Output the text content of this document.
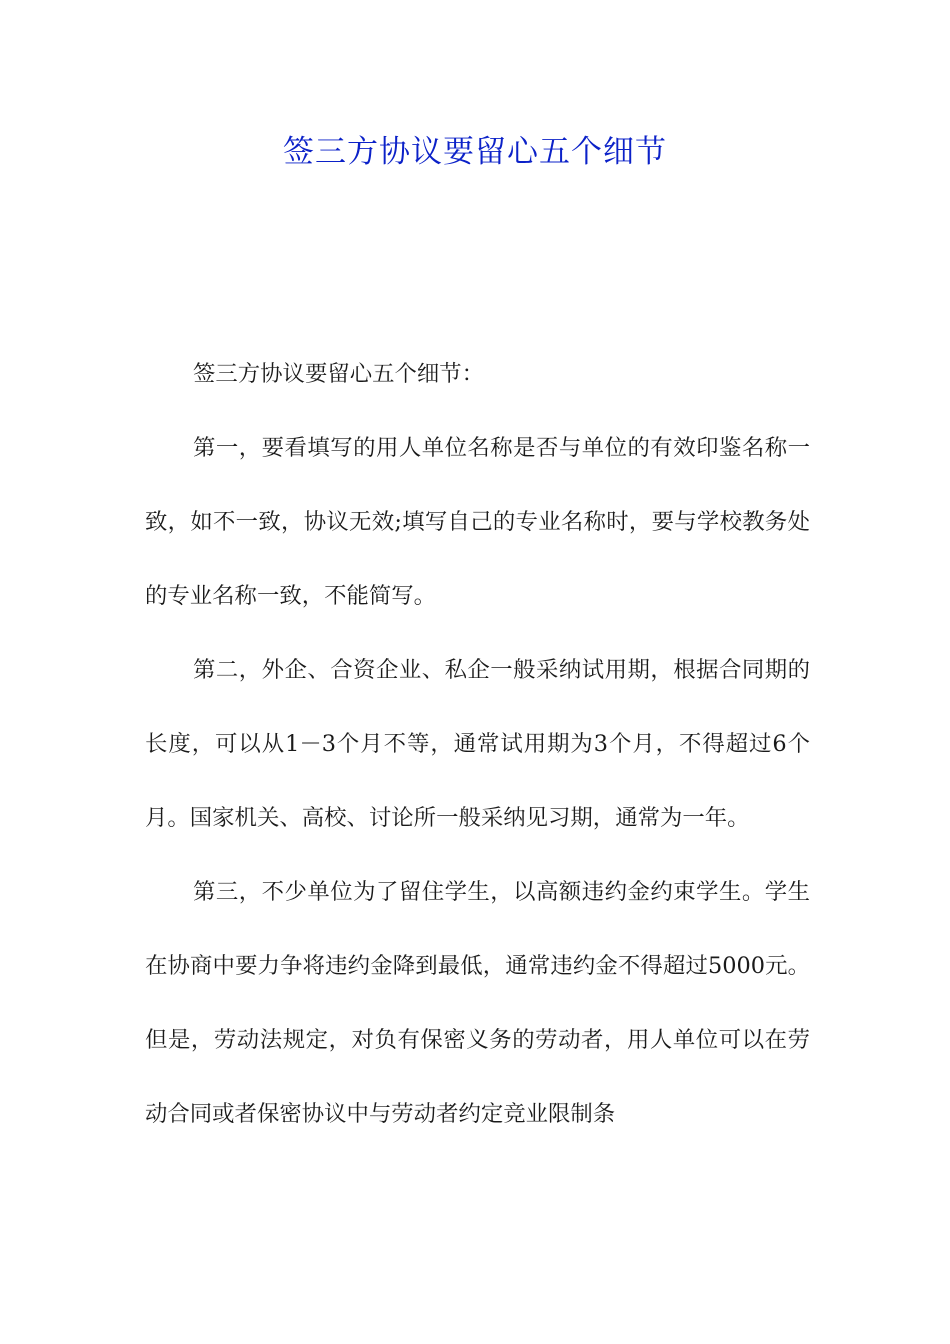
签三方协议要留心五个细节

签三方协议要留心五个细节：

第一，要看填写的用人单位名称是否与单位的有效印鉴名称一致，如不一致，协议无效;填写自己的专业名称时，要与学校教务处的专业名称一致，不能简写。

第二，外企、合资企业、私企一般采纳试用期，根据合同期的长度，可以从1－3个月不等，通常试用期为3个月，不得超过6个月。国家机关、高校、讨论所一般采纳见习期，通常为一年。

第三，不少单位为了留住学生，以高额违约金约束学生。学生在协商中要力争将违约金降到最低，通常违约金不得超过5000元。但是，劳动法规定，对负有保密义务的劳动者，用人单位可以在劳动合同或者保密协议中与劳动者约定竞业限制条
